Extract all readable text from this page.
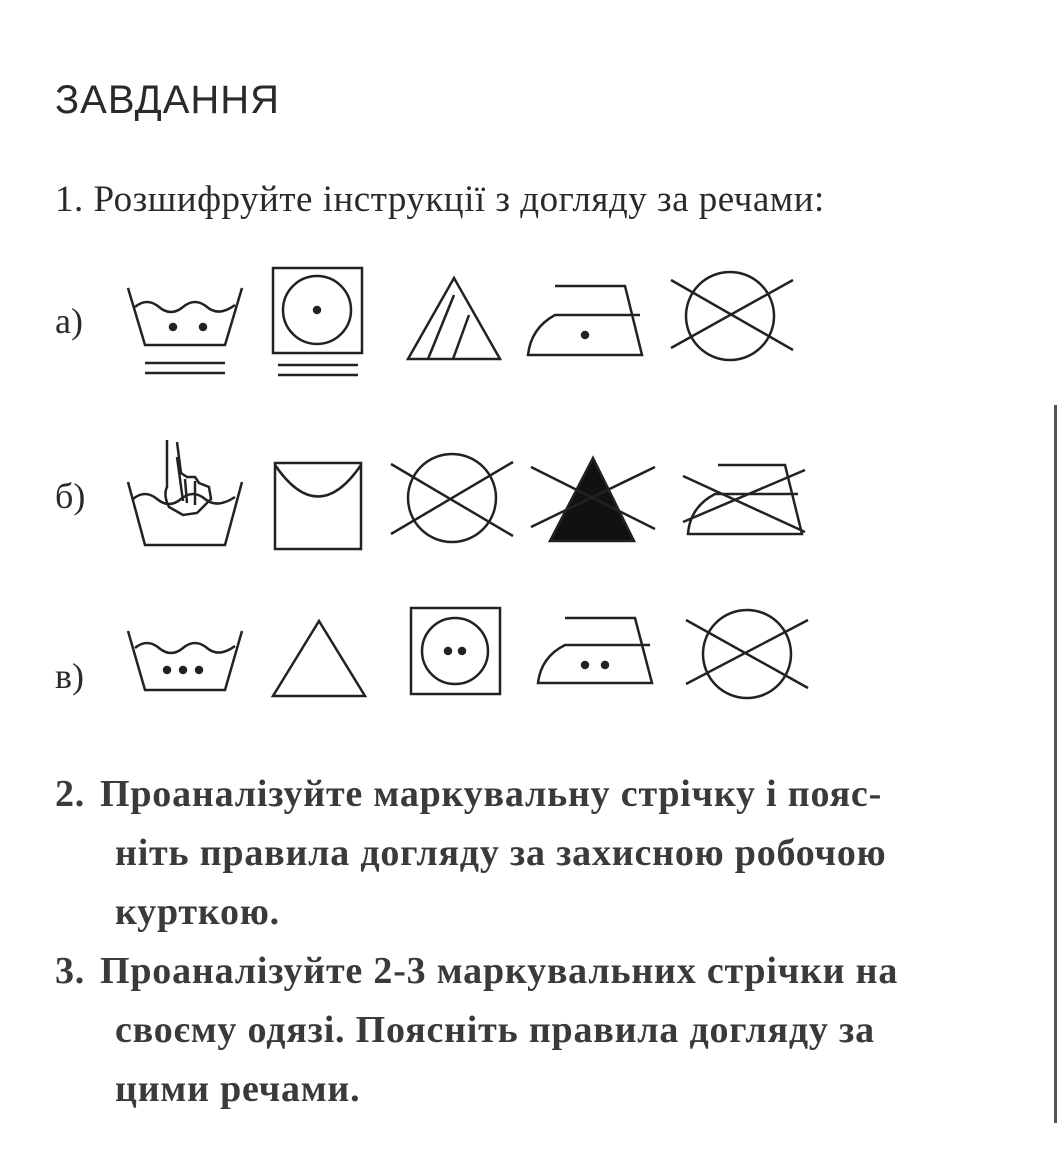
ЗАВДАННЯ
1. Розшифруйте інструкції з догляду за речами:
а)
б)
в)
2. Проаналізуйте маркувальну стрічку і пояс-
ніть правила догляду за захисною робочою
курткою.
3. Проаналізуйте 2-3 маркувальних стрічки на
своєму одязі. Поясніть правила догляду за
цими речами.
